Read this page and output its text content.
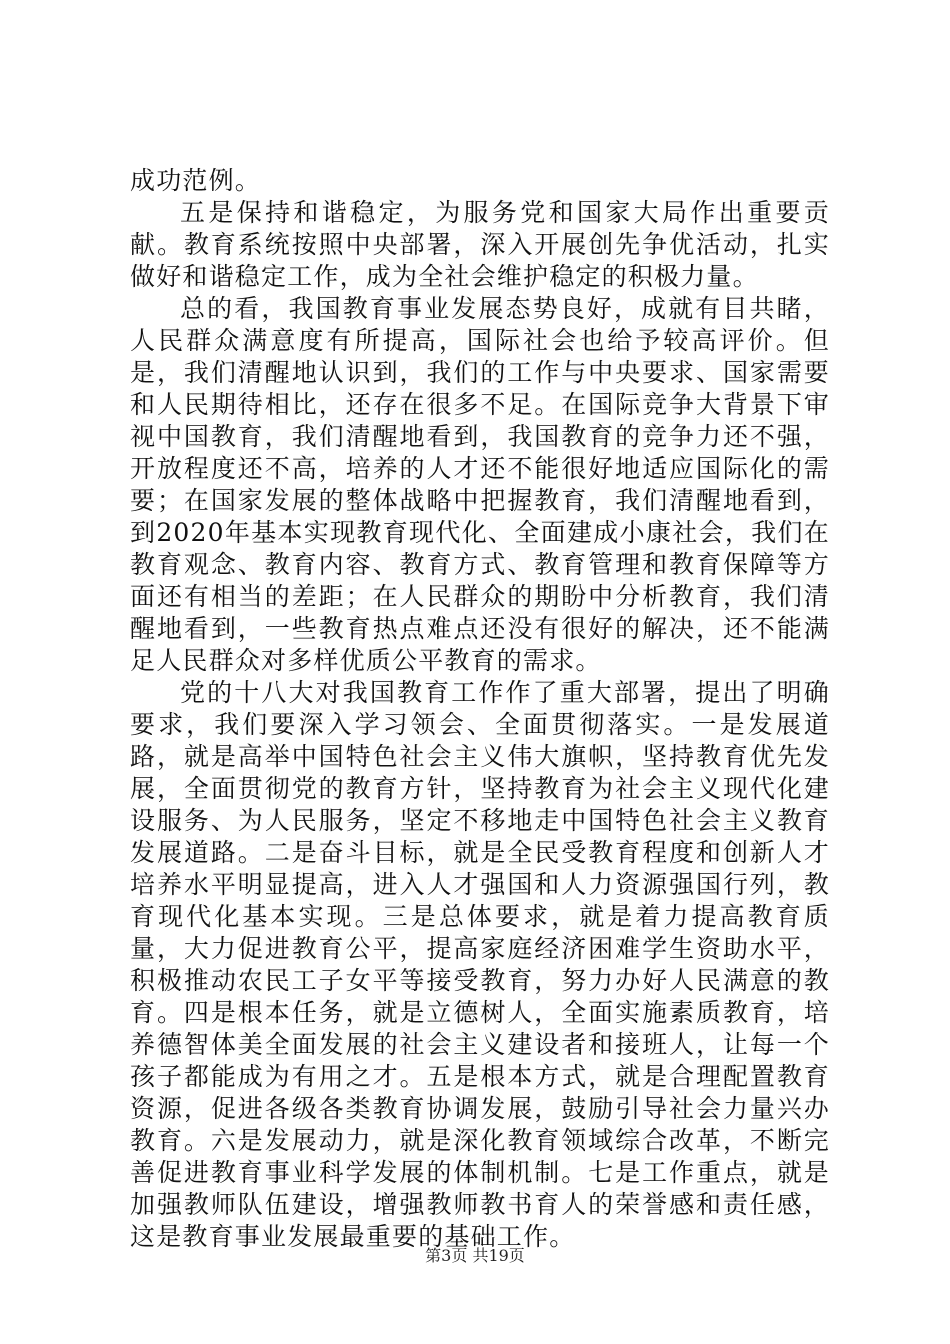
成功范例。

五是保持和谐稳定，为服务党和国家大局作出重要贡献。教育系统按照中央部署，深入开展创先争优活动，扎实做好和谐稳定工作，成为全社会维护稳定的积极力量。

总的看，我国教育事业发展态势良好，成就有目共睹，人民群众满意度有所提高，国际社会也给予较高评价。但是，我们清醒地认识到，我们的工作与中央要求、国家需要和人民期待相比，还存在很多不足。在国际竞争大背景下审视中国教育，我们清醒地看到，我国教育的竞争力还不强，开放程度还不高，培养的人才还不能很好地适应国际化的需要；在国家发展的整体战略中把握教育，我们清醒地看到，到2020年基本实现教育现代化、全面建成小康社会，我们在教育观念、教育内容、教育方式、教育管理和教育保障等方面还有相当的差距；在人民群众的期盼中分析教育，我们清醒地看到，一些教育热点难点还没有很好的解决，还不能满足人民群众对多样优质公平教育的需求。

党的十八大对我国教育工作作了重大部署，提出了明确要求，我们要深入学习领会、全面贯彻落实。一是发展道路，就是高举中国特色社会主义伟大旗帜，坚持教育优先发展，全面贯彻党的教育方针，坚持教育为社会主义现代化建设服务、为人民服务，坚定不移地走中国特色社会主义教育发展道路。二是奋斗目标，就是全民受教育程度和创新人才培养水平明显提高，进入人才强国和人力资源强国行列，教育现代化基本实现。三是总体要求，就是着力提高教育质量，大力促进教育公平，提高家庭经济困难学生资助水平，积极推动农民工子女平等接受教育，努力办好人民满意的教育。四是根本任务，就是立德树人，全面实施素质教育，培养德智体美全面发展的社会主义建设者和接班人，让每一个孩子都能成为有用之才。五是根本方式，就是合理配置教育资源，促进各级各类教育协调发展，鼓励引导社会力量兴办教育。六是发展动力，就是深化教育领域综合改革，不断完善促进教育事业科学发展的体制机制。七是工作重点，就是加强教师队伍建设，增强教师教书育人的荣誉感和责任感，这是教育事业发展最重要的基础工作。

第3页 共19页
